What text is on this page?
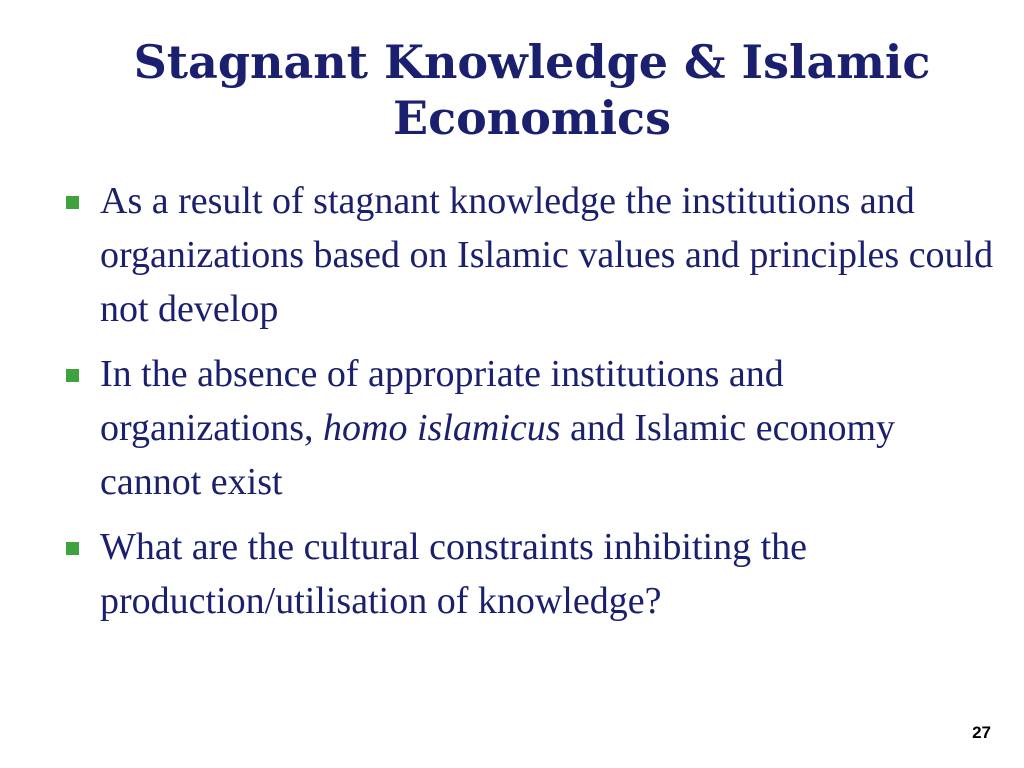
Stagnant Knowledge & Islamic Economics
As a result of stagnant knowledge the institutions and organizations based on Islamic values and principles could not develop
In the absence of appropriate institutions and organizations, homo islamicus and Islamic economy cannot exist
What are the cultural constraints inhibiting the production/utilisation of knowledge?
27
